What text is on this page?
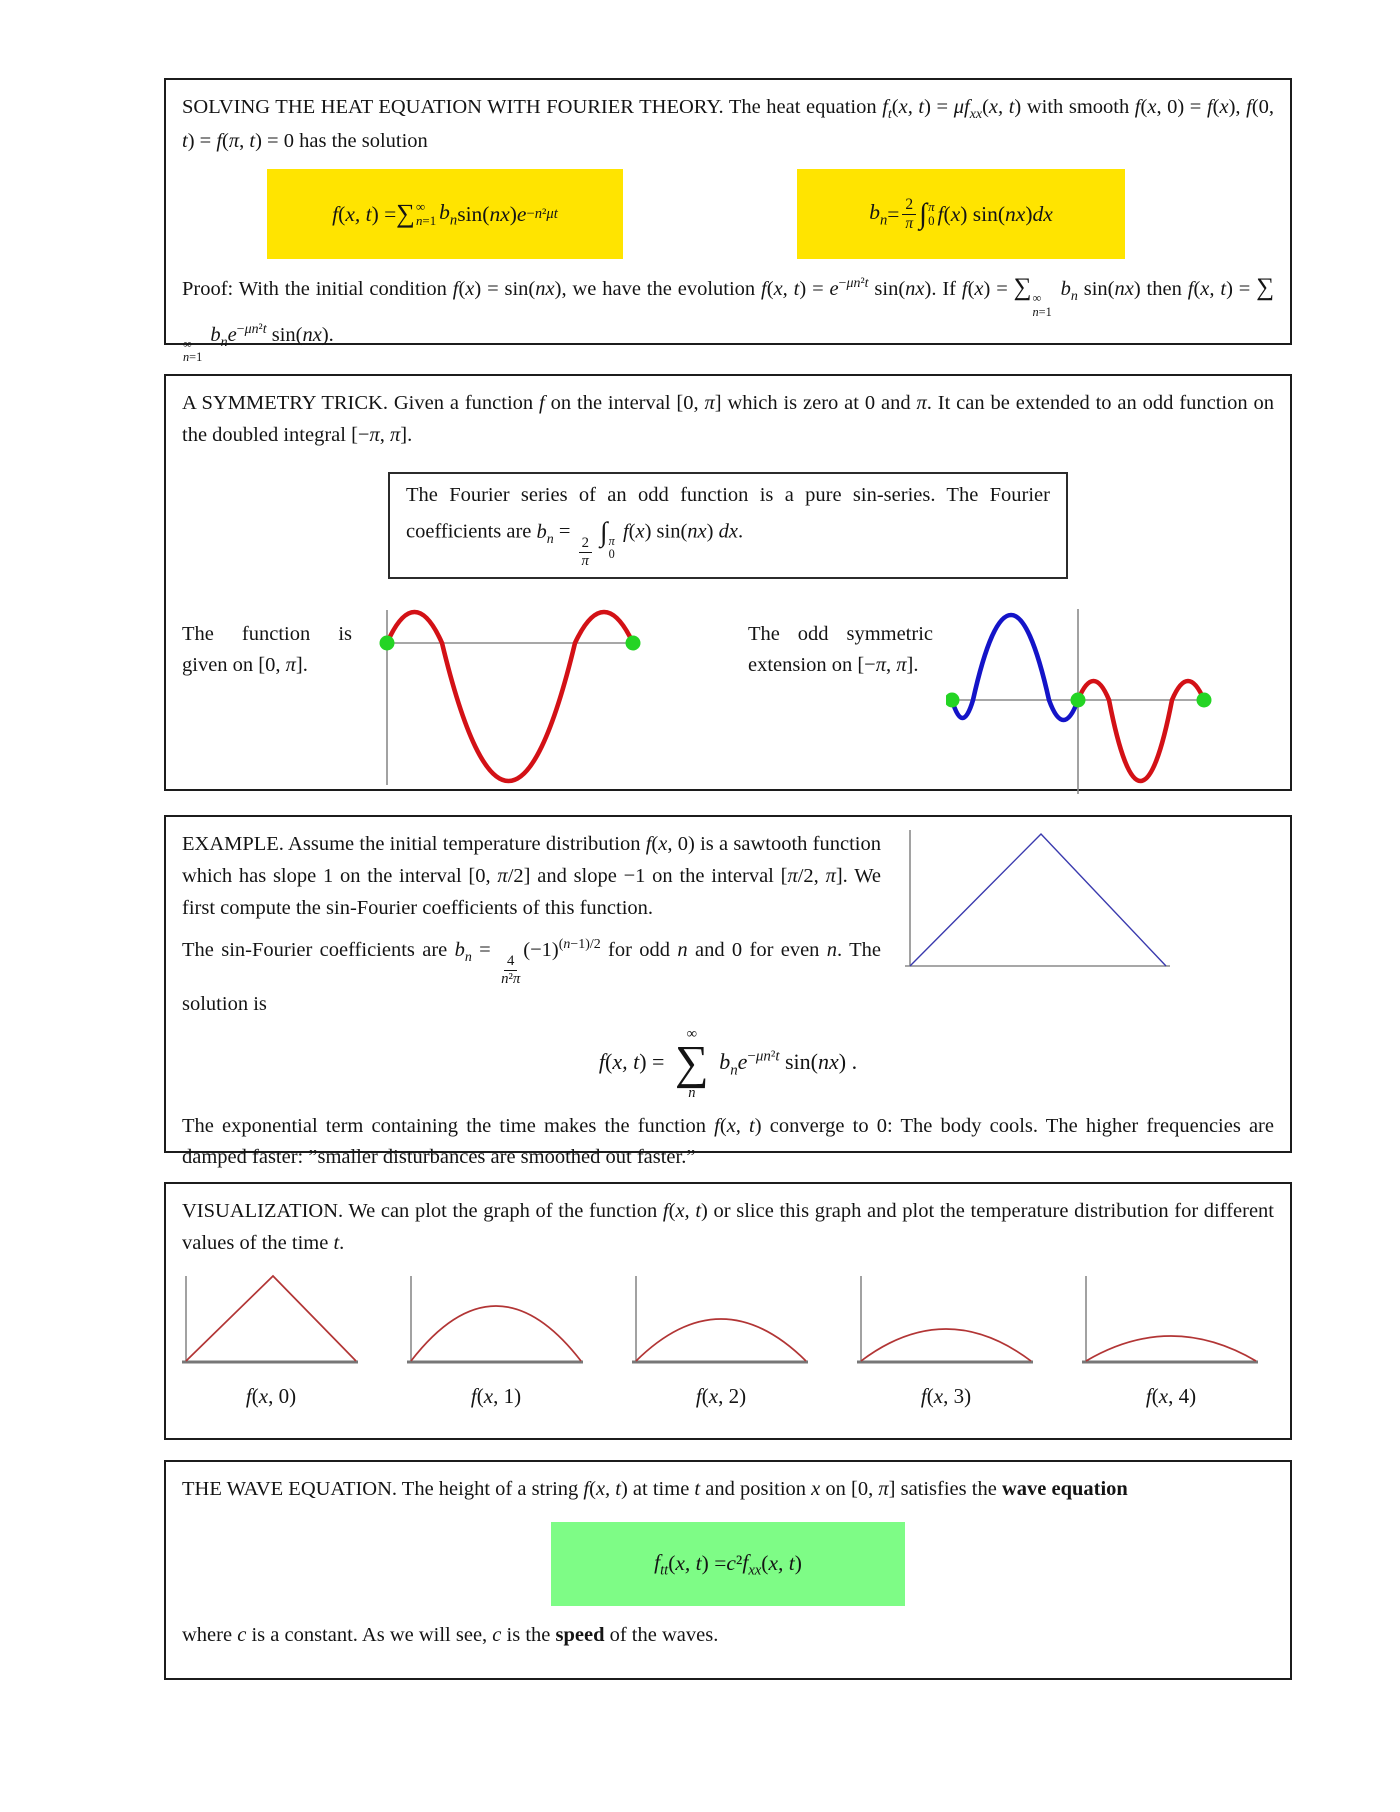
SOLVING THE HEAT EQUATION WITH FOURIER THEORY. The heat equation $f_t(x$, $t) = \mu f_{xx}(x$, t) with smooth f(x, 0) = f(x), f(0, t) = f(π, t) = 0 has the solution

f ( x, t ) = ∑ ∞
n=1 $b_n$ sin( nx ) e −n²μt	$b_n = \frac{2}{\pi}$ ∫ π
0 f ( x ) sin( nx ) dx

Proof: With the initial condition f(x) = sin(nx), we have the evolution f(x, $t) = e^{-\mu n^2t}$ sin(nx). If f(x) = ∑ ∞
n=1
$b_n$ sin(nx) then f(x, t) = ∑
∞
n=1
$b_ne^{-\mu n^2t}$ sin(nx).

A SYMMETRY TRICK. Given a function f on the interval [0, π] which is zero at 0 and π. It can be extended to an odd function on the doubled integral [−π, π].

The Fourier series of an odd function is a pure sin-series. The Fourier coefficients are $b_n$ =
$\frac{2}{\pi}$
∫ π
0
f(x) sin(nx) dx.
The function is given on [0, π].
The odd symmetric extension on [−π, π].

EXAMPLE. Assume the initial temperature distribution f(x, 0) is a sawtooth function which has slope 1 on the interval [0, π/2] and slope −1 on the interval [π/2, π]. We first compute the sin-Fourier coefficients of this function.

The sin-Fourier coefficients are $b_n$ =
$\frac{4}{\text{n²π}}$
$(-1)^{(n-1)/2}$ for odd n and 0 for even n. The solution is

f(x, t) =
∞
∑
n
$b_ne^{-\mu n^2t}$ sin(nx) .

The exponential term containing the time makes the function f(x, t) converge to 0: The body cools. The higher frequencies are damped faster: ”smaller disturbances are smoothed out faster.”

VISUALIZATION. We can plot the graph of the function f(x, t) or slice this graph and plot the temperature distribution for different values of the time t.

f(x, 0)	f(x, 1)	f(x, 2)	f(x, 3)	f(x, 4)

THE WAVE EQUATION. The height of a string f(x, t) at time t and position x on [0, π] satisfies the wave equation

$f_{tt}$ ( x, t ) = c ² $f_{xx}$ ( x, t )

where c is a constant. As we will see, c is the speed of the waves.
